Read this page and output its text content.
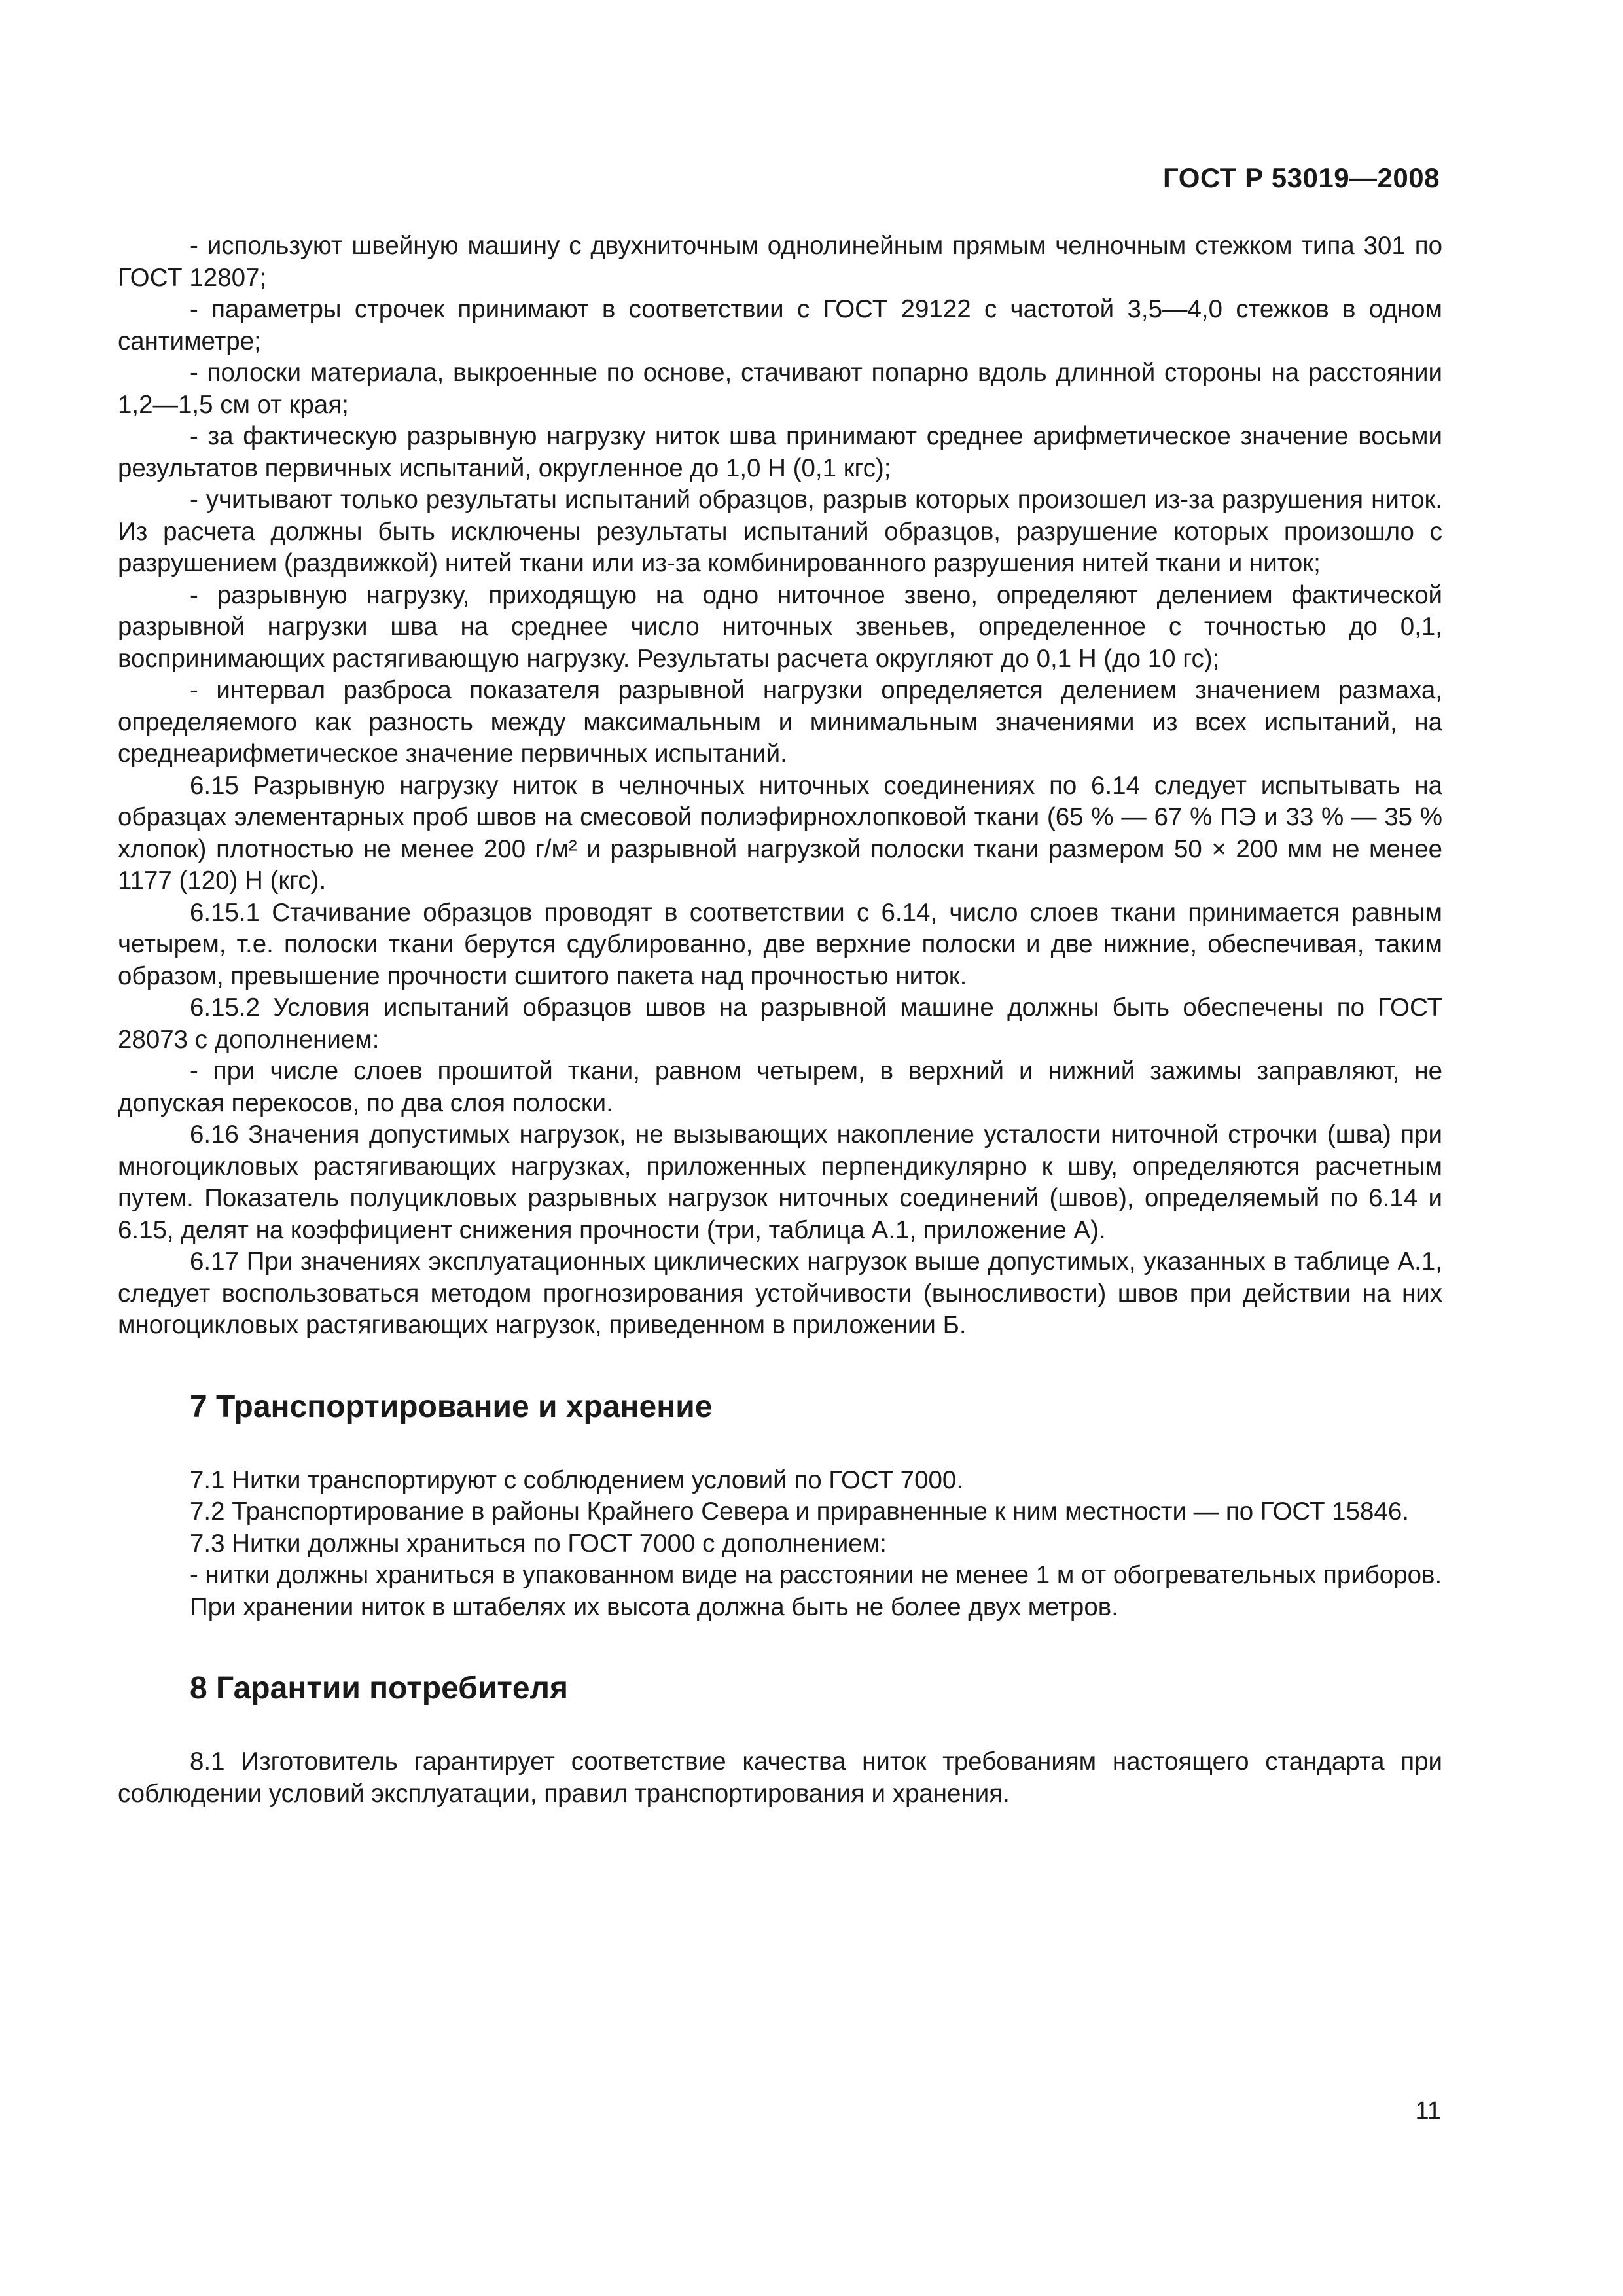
ГОСТ Р 53019—2008

- используют швейную машину с двухниточным однолинейным прямым челночным стежком типа 301 по ГОСТ 12807;

- параметры строчек принимают в соответствии с ГОСТ 29122 с частотой 3,5—4,0 стежков в одном сантиметре;

- полоски материала, выкроенные по основе, стачивают попарно вдоль длинной стороны на расстоянии 1,2—1,5 см от края;

- за фактическую разрывную нагрузку ниток шва принимают среднее арифметическое значение восьми результатов первичных испытаний, округленное до 1,0 Н (0,1 кгс);

- учитывают только результаты испытаний образцов, разрыв которых произошел из-за разрушения ниток. Из расчета должны быть исключены результаты испытаний образцов, разрушение которых произошло с разрушением (раздвижкой) нитей ткани или из-за комбинированного разрушения нитей ткани и ниток;

- разрывную нагрузку, приходящую на одно ниточное звено, определяют делением фактической разрывной нагрузки шва на среднее число ниточных звеньев, определенное с точностью до 0,1, воспринимающих растягивающую нагрузку. Результаты расчета округляют до 0,1 Н (до 10 гс);

- интервал разброса показателя разрывной нагрузки определяется делением значением размаха, определяемого как разность между максимальным и минимальным значениями из всех испытаний, на среднеарифметическое значение первичных испытаний.

6.15 Разрывную нагрузку ниток в челночных ниточных соединениях по 6.14 следует испытывать на образцах элементарных проб швов на смесовой полиэфирнохлопковой ткани (65 % — 67 % ПЭ и 33 % — 35 % хлопок) плотностью не менее 200 г/м² и разрывной нагрузкой полоски ткани размером 50 × 200 мм не менее 1177 (120) Н (кгс).

6.15.1 Стачивание образцов проводят в соответствии с 6.14, число слоев ткани принимается равным четырем, т.е. полоски ткани берутся сдублированно, две верхние полоски и две нижние, обеспечивая, таким образом, превышение прочности сшитого пакета над прочностью ниток.

6.15.2 Условия испытаний образцов швов на разрывной машине должны быть обеспечены по ГОСТ 28073 с дополнением:

- при числе слоев прошитой ткани, равном четырем, в верхний и нижний зажимы заправляют, не допуская перекосов, по два слоя полоски.

6.16 Значения допустимых нагрузок, не вызывающих накопление усталости ниточной строчки (шва) при многоцикловых растягивающих нагрузках, приложенных перпендикулярно к шву, определяются расчетным путем. Показатель полуцикловых разрывных нагрузок ниточных соединений (швов), определяемый по 6.14 и 6.15, делят на коэффициент снижения прочности (три, таблица А.1, приложение А).

6.17 При значениях эксплуатационных циклических нагрузок выше допустимых, указанных в таблице А.1, следует воспользоваться методом прогнозирования устойчивости (выносливости) швов при действии на них многоцикловых растягивающих нагрузок, приведенном в приложении Б.

7 Транспортирование и хранение

7.1 Нитки транспортируют с соблюдением условий по ГОСТ 7000.

7.2 Транспортирование в районы Крайнего Севера и приравненные к ним местности — по ГОСТ 15846.

7.3 Нитки должны храниться по ГОСТ 7000 с дополнением:

- нитки должны храниться в упакованном виде на расстоянии не менее 1 м от обогревательных приборов.

При хранении ниток в штабелях их высота должна быть не более двух метров.

8 Гарантии потребителя

8.1 Изготовитель гарантирует соответствие качества ниток требованиям настоящего стандарта при соблюдении условий эксплуатации, правил транспортирования и хранения.

11
